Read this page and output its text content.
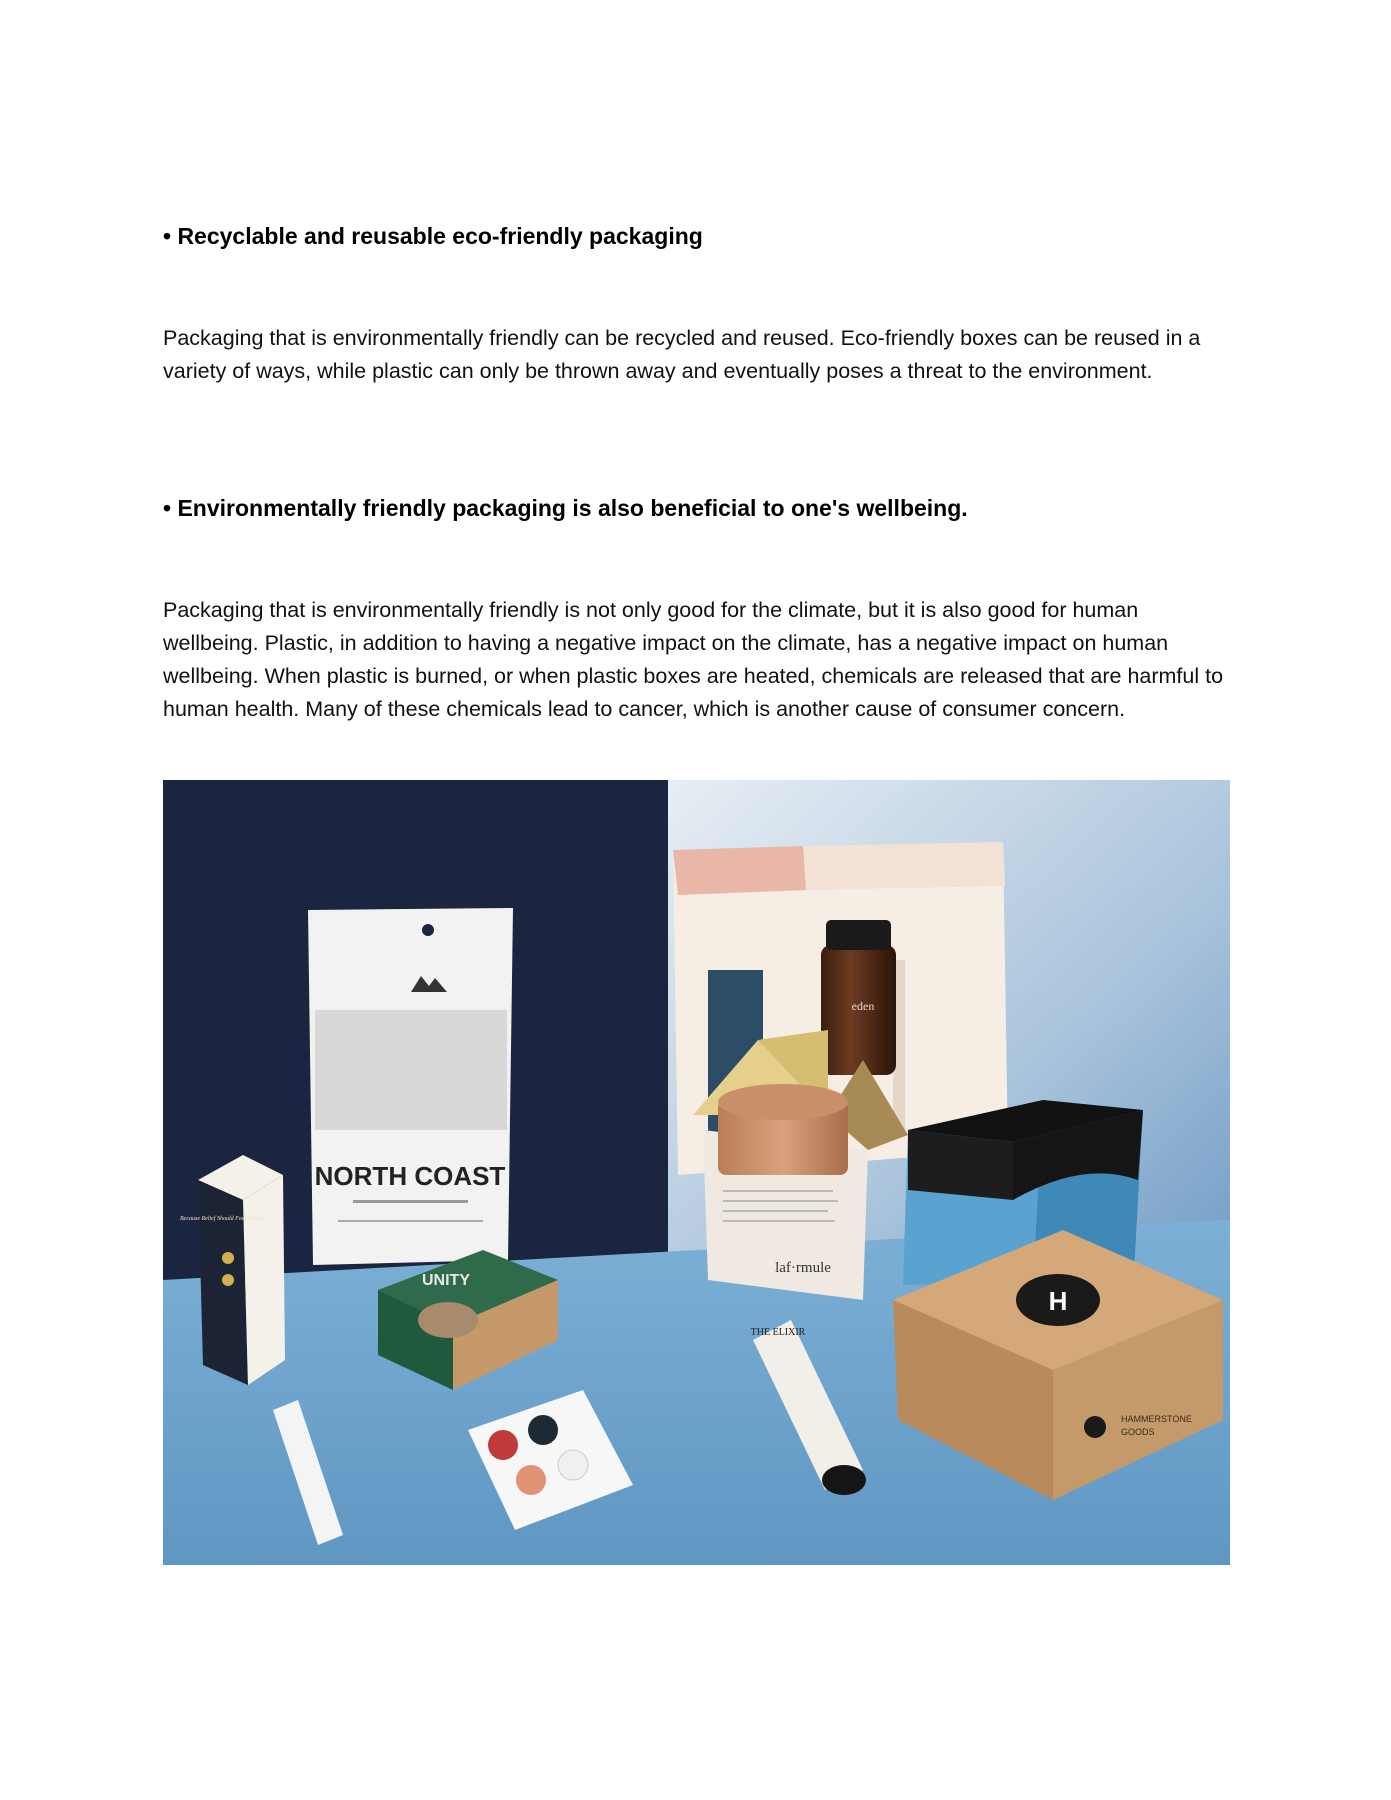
• Recyclable and reusable eco-friendly packaging

Packaging that is environmentally friendly can be recycled and reused. Eco-friendly boxes can be reused in a variety of ways, while plastic can only be thrown away and eventually poses a threat to the environment.

• Environmentally friendly packaging is also beneficial to one's wellbeing.

Packaging that is environmentally friendly is not only good for the climate, but it is also good for human wellbeing. Plastic, in addition to having a negative impact on the climate, has a negative impact on human wellbeing. When plastic is burned, or when plastic boxes are heated, chemicals are released that are harmful to human health. Many of these chemicals lead to cancer, which is another cause of consumer concern.

NORTH COAST
eden
H
HAMMERSTONE
GOODS
laf·rmule
Because Relief Should Feel Natural
UNITY
THE ELIXIR
